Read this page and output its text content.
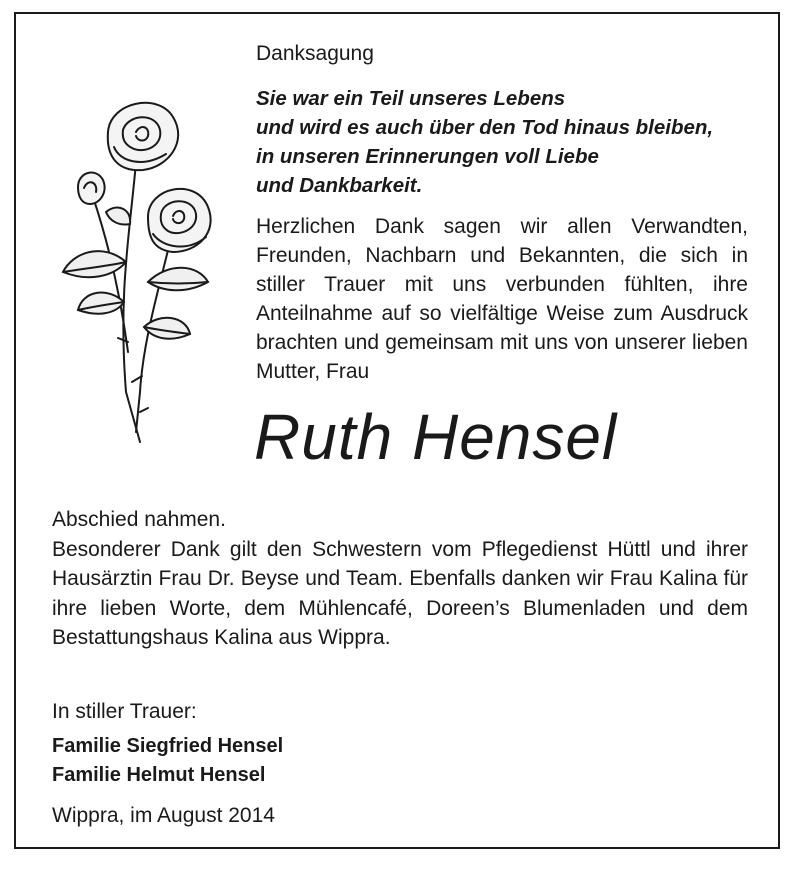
Danksagung
Sie war ein Teil unseres Lebens
und wird es auch über den Tod hinaus bleiben,
in unseren Erinnerungen voll Liebe
und Dankbarkeit.
Herzlichen Dank sagen wir allen Verwandten, Freunden, Nachbarn und Bekannten, die sich in stiller Trauer mit uns verbunden fühlten, ihre Anteilnahme auf so vielfältige Weise zum Ausdruck brachten und gemeinsam mit uns von unserer lieben Mutter, Frau
Ruth Hensel
Abschied nahmen.
Besonderer Dank gilt den Schwestern vom Pflegedienst Hüttl und ihrer Hausärztin Frau Dr. Beyse und Team. Ebenfalls danken wir Frau Kalina für ihre lieben Worte, dem Mühlencafé, Doreen’s Blumenladen und dem Bestattungshaus Kalina aus Wippra.
In stiller Trauer:
Familie Siegfried Hensel
Familie Helmut Hensel
Wippra, im August 2014
